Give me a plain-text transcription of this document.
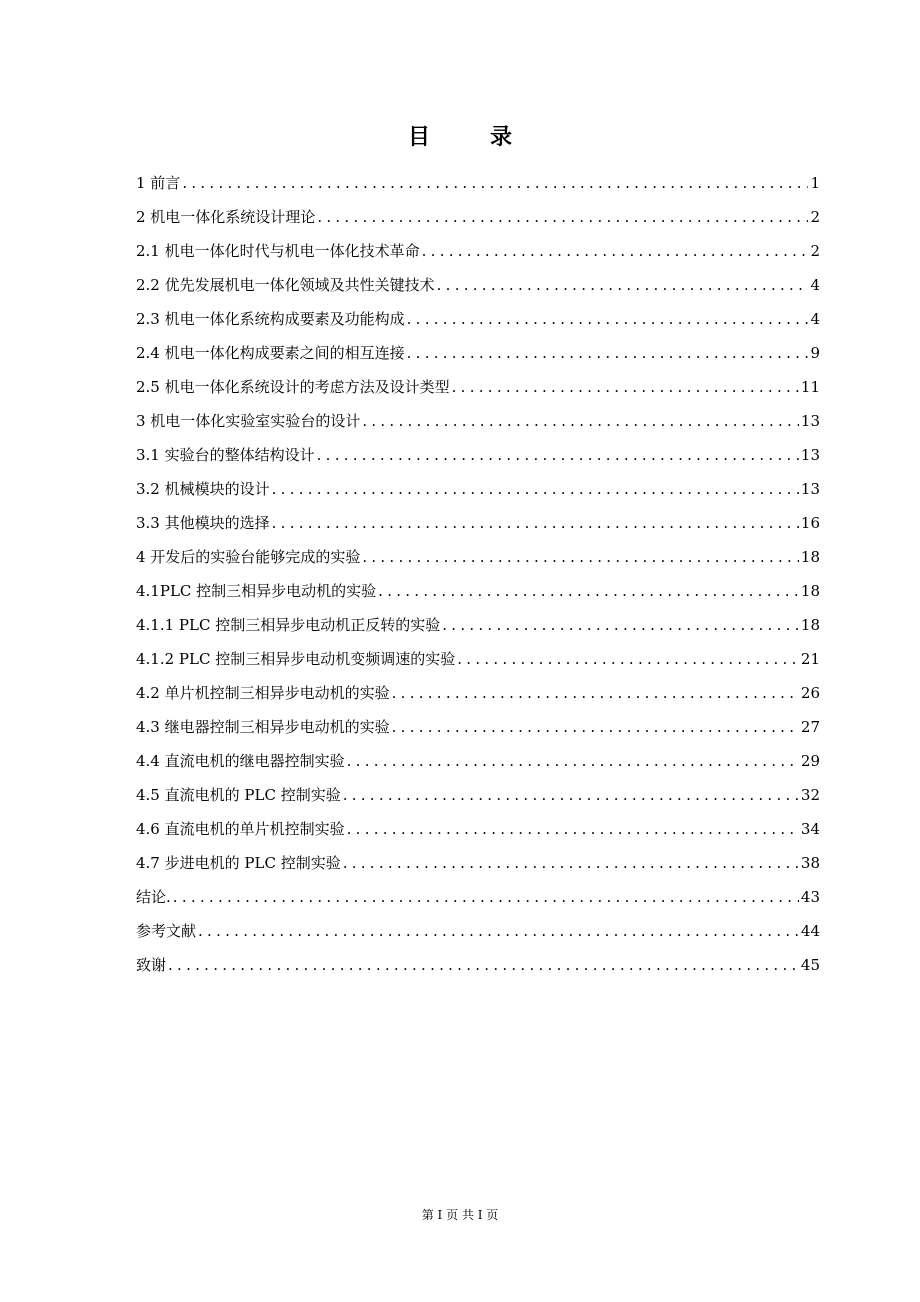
目	录
1 前言 . . .	1
2 机电一体化系统设计理论 . . .	2
2.1 机电一体化时代与机电一体化技术革命 . . .	2
2.2 优先发展机电一体化领域及共性关键技术 . . .	4
2.3 机电一体化系统构成要素及功能构成 . . .	4
2.4 机电一体化构成要素之间的相互连接 . . .	9
2.5 机电一体化系统设计的考虑方法及设计类型 . . .	11
3 机电一体化实验室实验台的设计 . . .	13
3.1 实验台的整体结构设计 . . .	13
3.2 机械模块的设计 . . .	13
3.3 其他模块的选择 . . .	16
4 开发后的实验台能够完成的实验 . . .	18
4.1PLC 控制三相异步电动机的实验 . . .	18
4.1.1 PLC 控制三相异步电动机正反转的实验 . . .	18
4.1.2 PLC 控制三相异步电动机变频调速的实验 . . .	21
4.2 单片机控制三相异步电动机的实验 . . .	26
4.3 继电器控制三相异步电动机的实验 . . .	27
4.4 直流电机的继电器控制实验 . . .	29
4.5 直流电机的 PLC 控制实验 . . .	32
4.6 直流电机的单片机控制实验 . . .	34
4.7 步进电机的 PLC 控制实验 . . .	38
结论. . . .	43
参考文献 . . .	44
致谢 . . .	45
第 I 页 共 I 页
